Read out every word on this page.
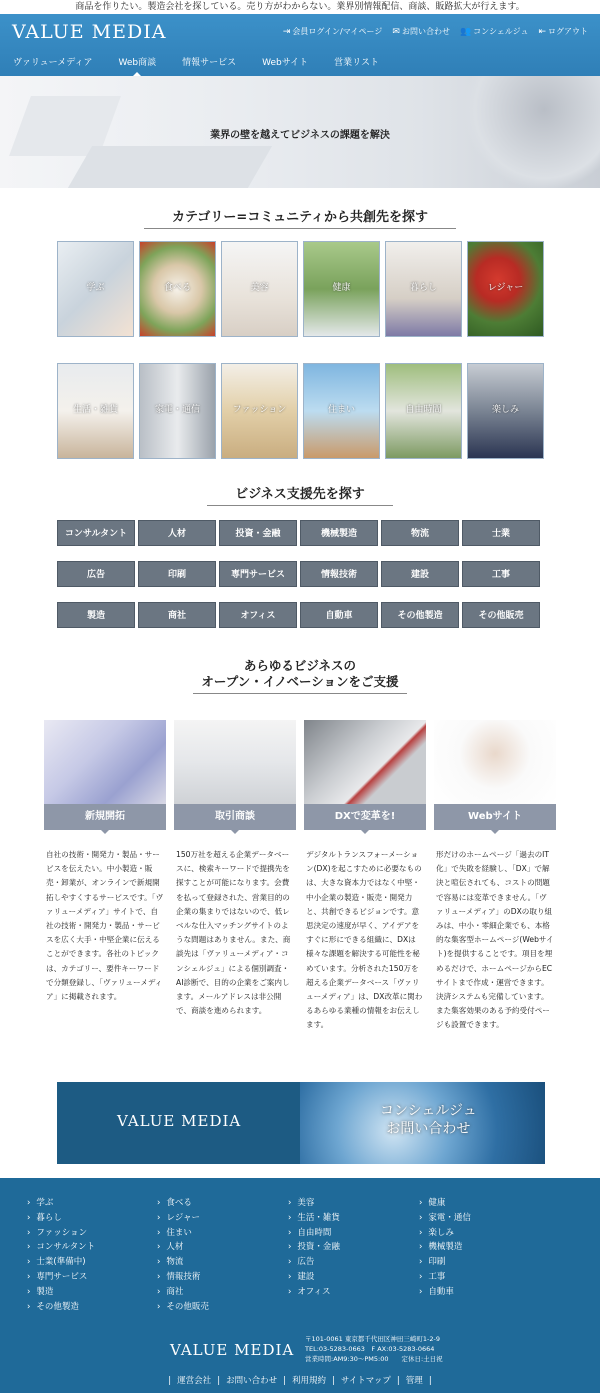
商品を作りたい。製造会社を探している。売り方がわからない。業界別情報配信、商談、販路拡大が行えます。
VALUE MEDIA	⇥ 会員ログイン/マイページ ✉ お問い合わせ 👥 コンシェルジュ ⇤ ログアウト
ヴァリューメディア	Web商談	情報サービス	Webサイト	営業リスト
業界の壁を越えてビジネスの課題を解決
カテゴリー=コミュニティから共創先を探す
学ぶ	食べる	美容	健康	暮らし	レジャー
生活・雑貨	家電・通信	ファッション	住まい	自由時間	楽しみ
ビジネス支援先を探す
コンサルタント	人材	投資・金融	機械製造	物流	士業
広告	印刷	専門サービス	情報技術	建設	工事
製造	商社	オフィス	自動車	その他製造	その他販売
あらゆるビジネスの
オープン・イノベーションをご支援
新規開拓
自社の技術・開発力・製品・サービスを伝えたい。中小製造・販売・卸業が、オンラインで新規開拓しやすくするサービスです。「ヴァリューメディア」サイトで、自社の技術・開発力・製品・サービスを広く大手・中堅企業に伝えることができます。各社のトピックは、カテゴリー、要件キーワードで分類登録し、「ヴァリューメディア」に掲載されます。
取引商談
150万社を超える企業データベースに、検索キーワードで提携先を探すことが可能になります。会費を払って登録された、営業目的の企業の集まりではないので、低レベルな仕入マッチングサイトのような問題はありません。また、商談先は「ヴァリューメディア・コンシェルジュ」による個別調査・AI診断で、目的の企業をご案内します。メールアドレスは非公開で、商談を進められます。
DXで変革を!
デジタルトランスフォーメーション(DX)を起こすために必要なものは、大きな資本力ではなく中堅・中小企業の製造・販売・開発力と、共創できるビジョンです。意思決定の速度が早く、アイデアをすぐに形にできる組織に、DXは様々な課題を解決する可能性を秘めています。分析された150万を超える企業データベース「ヴァリューメディア」は、DX改革に関わるあらゆる業種の情報をお伝えします。
Webサイト
形だけのホームページ「過去のIT化」で失敗を経験し、「DX」で解決と喧伝されても、コストの問題で容易には変革できません。「ヴァリューメディア」のDXの取り組みは、中小・零細企業でも、本格的な集客型ホームページ(Webサイト)を提供することです。項目を埋めるだけで、ホームページからECサイトまで作成・運営できます。決済システムも完備しています。また集客効果のある予約受付ページも設置できます。
VALUE MEDIA
コンシェルジュ
お問い合わせ
› 学ぶ
› 暮らし
› ファッション
› コンサルタント
› 士業(準備中)
› 専門サービス
› 製造
› その他製造
› 食べる
› レジャー
› 住まい
› 人材
› 物流
› 情報技術
› 商社
› その他販売
› 美容
› 生活・雑貨
› 自由時間
› 投資・金融
› 広告
› 建設
› オフィス
› 健康
› 家電・通信
› 楽しみ
› 機械製造
› 印刷
› 工事
› 自動車
VALUE MEDIA
〒101-0061 東京都千代田区神田三崎町1-2-9
TEL:03-5283-0663　F AX:03-5283-0664
営業時間:AM9:30〜PM5:00　　定休日:土日祝
| 運営会社 | お問い合わせ | 利用規約 | サイトマップ | 管理 |
